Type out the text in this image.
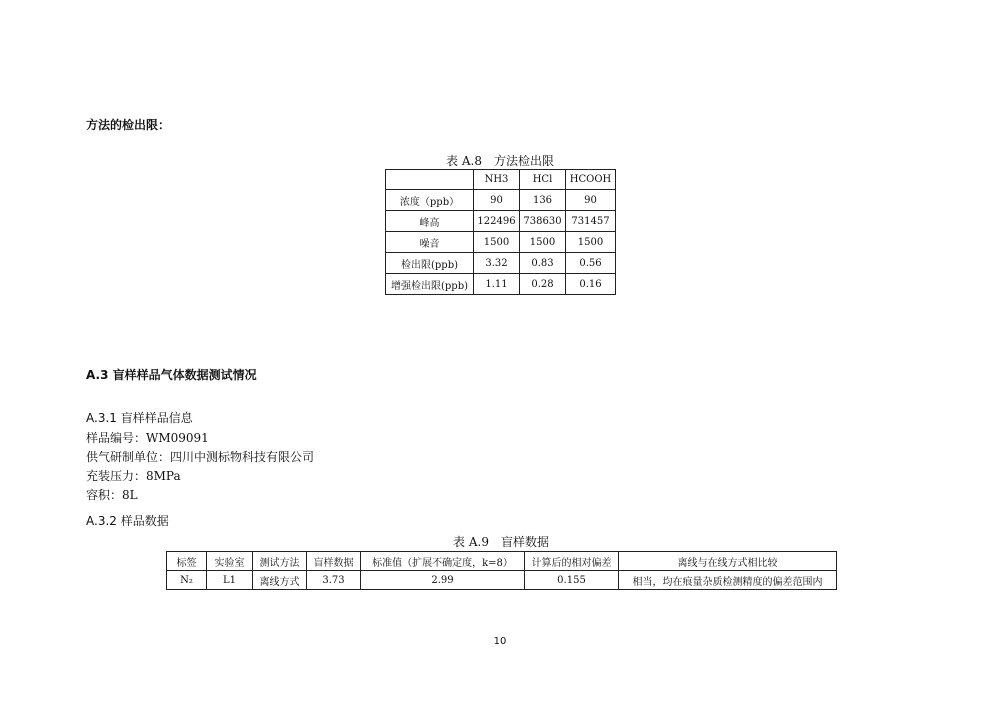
方法的检出限：
表 A.8　方法检出限
	NH3	HCl	HCOOH
浓度（ppb）	90	136	90
峰高	122496	738630	731457
噪音	1500	1500	1500
检出限(ppb)	3.32	0.83	0.56
增强检出限(ppb)	1.11	0.28	0.16
A.3 盲样样品气体数据测试情况
A.3.1 盲样样品信息
样品编号：WM09091
供气研制单位：四川中测标物科技有限公司
充装压力：8MPa
容积：8L
A.3.2 样品数据
表 A.9　盲样数据
标签	实验室	测试方法	盲样数据	标准值（扩展不确定度，k=8）	计算后的相对偏差	离线与在线方式相比较
N₂	L1	离线方式	3.73	2.99	0.155	相当，均在痕量杂质检测精度的偏差范围内
10
